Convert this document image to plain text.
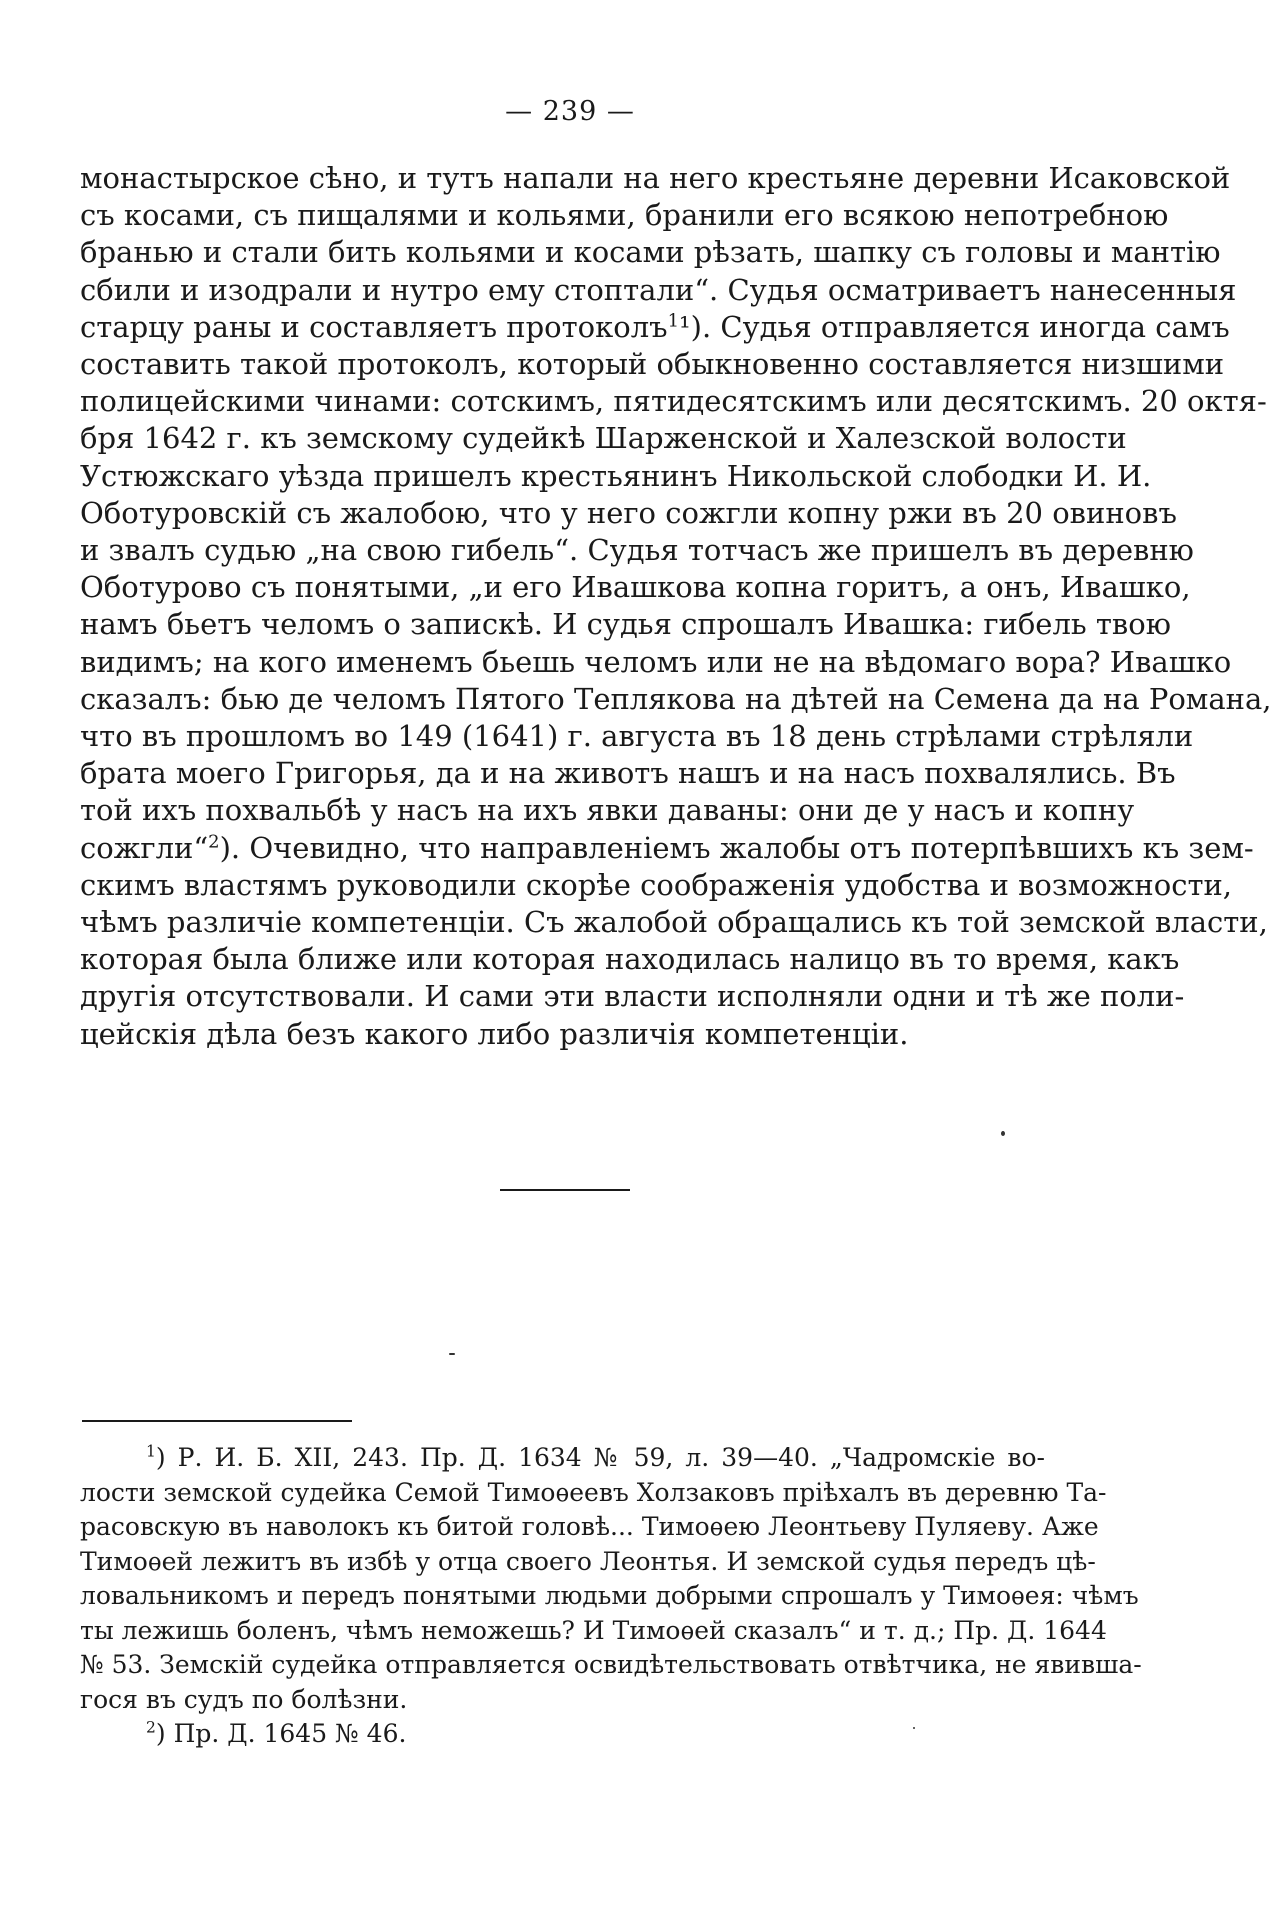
— 239 —
монастырское сѣно, и тутъ напали на него крестьяне деревни Исаковской
съ косами, съ пищалями и кольями, бранили его всякою непотребною
бранью и стали бить кольями и косами рѣзать, шапку съ головы и мантію
сбили и изодрали и нутро ему стоптали“. Судья осматриваетъ нанесенныя
старцу раны и составляетъ протоколъ$^1$¹). Судья отправляется иногда самъ
составить такой протоколъ, который обыкновенно составляется низшими
полицейскими чинами: сотскимъ, пятидесятскимъ или десятскимъ. 20 октя-
бря 1642 г. къ земскому судейкѣ Шарженской и Халезской волости
Устюжскаго уѣзда пришелъ крестьянинъ Никольской слободки И. И.
Оботуровскій съ жалобою, что у него сожгли копну ржи въ 20 овиновъ
и звалъ судью „на свою гибель“. Судья тотчасъ же пришелъ въ деревню
Оботурово съ понятыми, „и его Ивашкова копна горитъ, а онъ, Ивашко,
намъ бьетъ челомъ о запискѣ. И судья спрошалъ Ивашка: гибель твою
видимъ; на кого именемъ бьешь челомъ или не на вѣдомаго вора? Ивашко
сказалъ: бью де челомъ Пятого Теплякова на дѣтей на Семена да на Романа,
что въ прошломъ во 149 (1641) г. августа въ 18 день стрѣлами стрѣляли
брата моего Григорья, да и на животъ нашъ и на насъ похвалялись. Въ
той ихъ похвальбѣ у насъ на ихъ явки даваны: они де у насъ и копну
сожгли“$^2$). Очевидно, что направленіемъ жалобы отъ потерпѣвшихъ къ зем-
скимъ властямъ руководили скорѣе соображенія удобства и возможности,
чѣмъ различіе компетенціи. Съ жалобой обращались къ той земской власти,
которая была ближе или которая находилась налицо въ то время, какъ
другія отсутствовали. И сами эти власти исполняли одни и тѣ же поли-
цейскія дѣла безъ какого либо различія компетенціи.
$^1$) Р. И. Б. XII, 243. Пр. Д. 1634 № 59, л. 39—40. „Чадромскіе во-
лости земской судейка Семой Тимоѳеевъ Холзаковъ пріѣхалъ въ деревню Та-
расовскую въ наволокъ къ битой головѣ... Тимоѳею Леонтьеву Пуляеву. Аже
Тимоѳей лежитъ въ избѣ у отца своего Леонтья. И земской судья передъ цѣ-
ловальникомъ и передъ понятыми людьми добрыми спрошалъ у Тимоѳея: чѣмъ
ты лежишь боленъ, чѣмъ неможешь? И Тимоѳей сказалъ“ и т. д.; Пр. Д. 1644
№ 53. Земскій судейка отправляется освидѣтельствовать отвѣтчика, не явивша-
гося въ судъ по болѣзни.
$^2$) Пр. Д. 1645 № 46.
